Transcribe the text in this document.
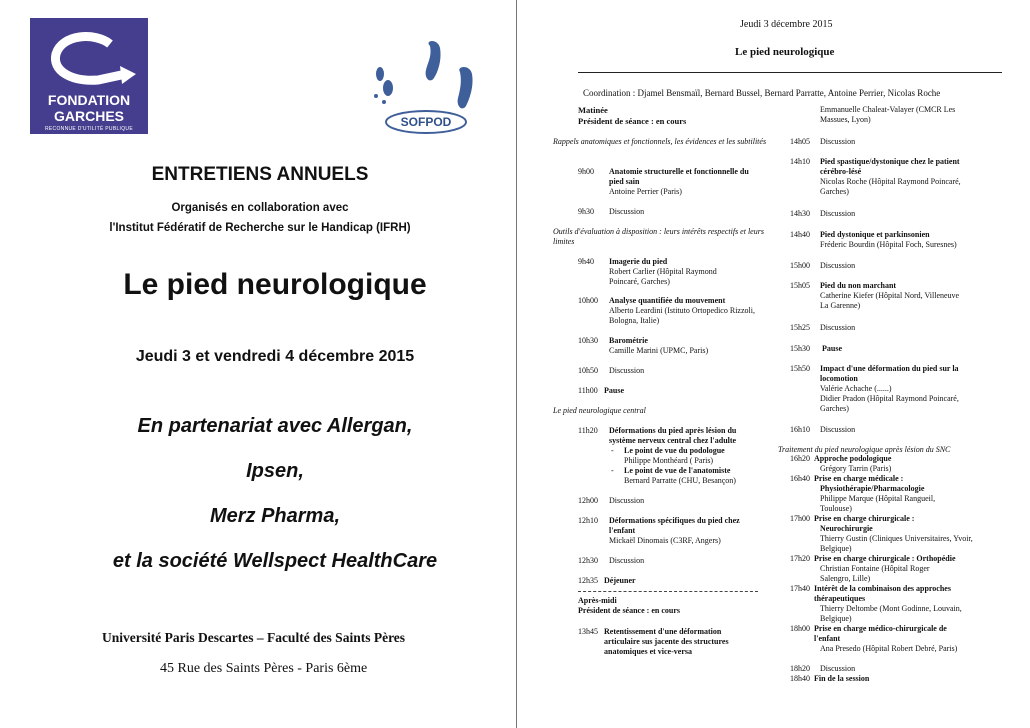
FONDATION
GARCHES
RECONNUE D'UTILITÉ PUBLIQUE	SOFPOD
ENTRETIENS ANNUELS
Organisés en collaboration avec
l'Institut Fédératif de Recherche sur le Handicap (IFRH)
Le pied neurologique
Jeudi 3 et vendredi 4 décembre 2015
En partenariat avec Allergan,
Ipsen,
Merz Pharma,
et la société Wellspect HealthCare
Université Paris Descartes – Faculté des Saints Pères
45 Rue des Saints Pères - Paris 6ème
Jeudi 3 décembre 2015
Le pied neurologique
Coordination : Djamel Bensmaïl, Bernard Bussel, Bernard Parratte, Antoine Perrier, Nicolas Roche
Matinée
Président de séance : en cours
Rappels anatomiques et fonctionnels, les évidences et les subtilités
9h00 Anatomie structurelle et fonctionnelle du pied sain
Antoine Perrier (Paris)
9h30 Discussion
Outils d'évaluation à disposition : leurs intérêts respectifs et leurs limites
9h40 Imagerie du pied
Robert Carlier (Hôpital Raymond Poincaré, Garches)
10h00 Analyse quantifiée du mouvement
Alberto Leardini (Istituto Ortopedico Rizzoli, Bologna, Italie)
10h30 Barométrie
Camille Marini (UPMC, Paris)
10h50 Discussion
11h00 Pause
Le pied neurologique central
11h20 Déformations du pied après lésion du système nerveux central chez l'adulte
- Le point de vue du podologue
Philippe Monthéard ( Paris)
- Le point de vue de l'anatomiste
Bernard Parratte (CHU, Besançon)
12h00 Discussion
12h10 Déformations spécifiques du pied chez l'enfant
Mickaël Dinomais (C3RF, Angers)
12h30 Discussion
12h35 Déjeuner
Après-midi
Président de séance : en cours
13h45 Retentissement d'une déformation articulaire sus jacente des structures anatomiques et vice-versa
Emmanuelle Chaleat-Valayer (CMCR Les Massues, Lyon)
14h05 Discussion
14h10 Pied spastique/dystonique chez le patient cérébro-lésé
Nicolas Roche (Hôpital Raymond Poincaré, Garches)
14h30 Discussion
14h40 Pied dystonique et parkinsonien
Fréderic Bourdin (Hôpital Foch, Suresnes)
15h00 Discussion
15h05 Pied du non marchant
Catherine Kiefer (Hôpital Nord, Villeneuve La Garenne)
15h25 Discussion
15h30 Pause
15h50 Impact d'une déformation du pied sur la locomotion
Valérie Achache (......)
Didier Pradon (Hôpital Raymond Poincaré, Garches)
16h10 Discussion
Traitement du pied neurologique après lésion du SNC
16h20 Approche podologique
Grégory Tarrin (Paris)
16h40 Prise en charge médicale :
Physiothérapie/Pharmacologie
Philippe Marque (Hôpital Rangueil, Toulouse)
17h00 Prise en charge chirurgicale :
Neurochirurgie
Thierry Gustin (Cliniques Universitaires, Yvoir, Belgique)
17h20 Prise en charge chirurgicale : Orthopédie
Christian Fontaine (Hôpital Roger Salengro, Lille)
17h40 Intérêt de la combinaison des approches thérapeutiques
Thierry Deltombe (Mont Godinne, Louvain, Belgique)
18h00 Prise en charge médico-chirurgicale de l'enfant
Ana Presedo (Hôpital Robert Debré, Paris)
18h20 Discussion
18h40 Fin de la session
